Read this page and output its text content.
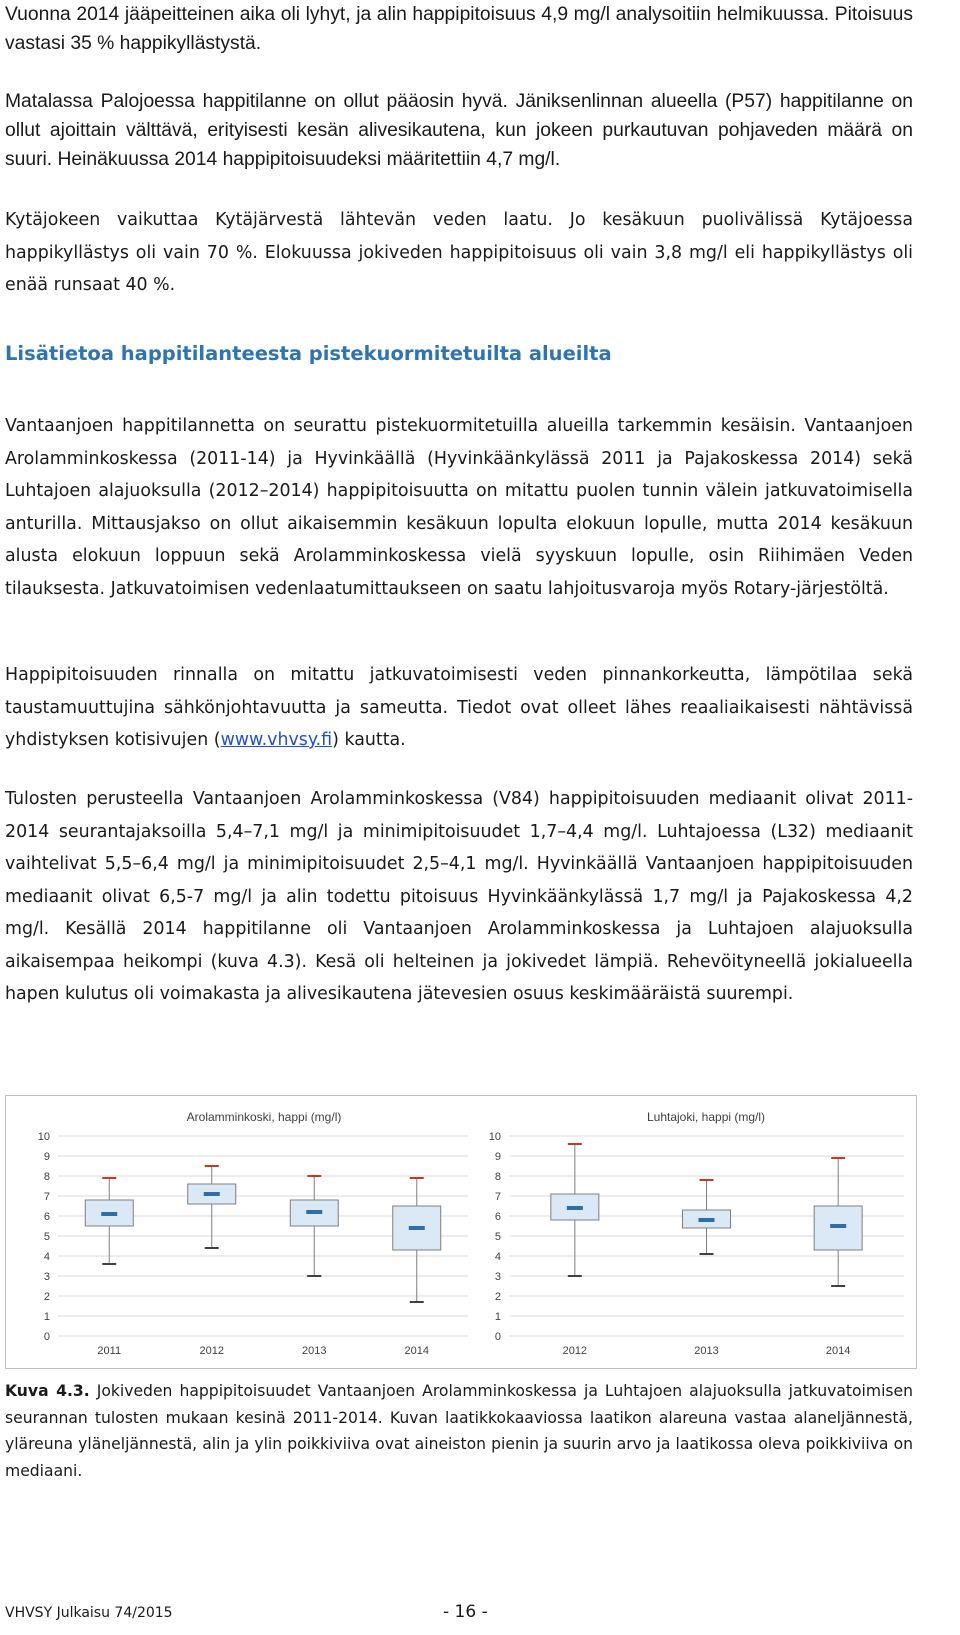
Vuonna 2014 jääpeitteinen aika oli lyhyt, ja alin happipitoisuus 4,9 mg/l analysoitiin helmikuussa. Pitoisuus vastasi 35 % happikyllästystä.

Matalassa Palojoessa happitilanne on ollut pääosin hyvä. Jäniksenlinnan alueella (P57) happitilanne on ollut ajoittain välttävä, erityisesti kesän alivesikautena, kun jokeen purkautuvan pohjaveden määrä on suuri. Heinäkuussa 2014 happipitoisuudeksi määritettiin 4,7 mg/l.

Kytäjokeen vaikuttaa Kytäjärvestä lähtevän veden laatu. Jo kesäkuun puolivälissä Kytäjoessa happikyllästys oli vain 70 %. Elokuussa jokiveden happipitoisuus oli vain 3,8 mg/l eli happikyllästys oli enää runsaat 40 %.

Lisätietoa happitilanteesta pistekuormitetuilta alueilta

Vantaanjoen happitilannetta on seurattu pistekuormitetuilla alueilla tarkemmin kesäisin. Vantaanjoen Arolamminkoskessa (2011-14) ja Hyvinkäällä (Hyvinkäänkylässä 2011 ja Pajakoskessa 2014) sekä Luhtajoen alajuoksulla (2012–2014) happipitoisuutta on mitattu puolen tunnin välein jatkuvatoimisella anturilla. Mittausjakso on ollut aikaisemmin kesäkuun lopulta elokuun lopulle, mutta 2014 kesäkuun alusta elokuun loppuun sekä Arolamminkoskessa vielä syyskuun lopulle, osin Riihimäen Veden tilauksesta. Jatkuvatoimisen vedenlaatumittaukseen on saatu lahjoitusvaroja myös Rotary-järjestöltä.

Happipitoisuuden rinnalla on mitattu jatkuvatoimisesti veden pinnankorkeutta, lämpötilaa sekä taustamuuttujina sähkönjohtavuutta ja sameutta. Tiedot ovat olleet lähes reaaliaikaisesti nähtävissä yhdistyksen kotisivujen (www.vhvsy.fi) kautta.

Tulosten perusteella Vantaanjoen Arolamminkoskessa (V84) happipitoisuuden mediaanit olivat 2011-2014 seurantajaksoilla 5,4–7,1 mg/l ja minimipitoisuudet 1,7–4,4 mg/l. Luhtajoessa (L32) mediaanit vaihtelivat 5,5–6,4 mg/l ja minimipitoisuudet 2,5–4,1 mg/l. Hyvinkäällä Vantaanjoen happipitoisuuden mediaanit olivat 6,5-7 mg/l ja alin todettu pitoisuus Hyvinkäänkylässä 1,7 mg/l ja Pajakoskessa 4,2 mg/l. Kesällä 2014 happitilanne oli Vantaanjoen Arolamminkoskessa ja Luhtajoen alajuoksulla aikaisempaa heikompi (kuva 4.3). Kesä oli helteinen ja jokivedet lämpiä. Rehevöityneellä jokialueella hapen kulutus oli voimakasta ja alivesikautena jätevesien osuus keskimääräistä suurempi.

0
1
2
3
4
5
6
7
8
9
10
Arolamminkoski, happi (mg/l)
2011	2012	2013	2014
0
1
2
3
4
5
6
7
8
9
10
Luhtajoki, happi (mg/l)
2012	2013	2014

Kuva 4.3. Jokiveden happipitoisuudet Vantaanjoen Arolamminkoskessa ja Luhtajoen alajuoksulla jatkuvatoimisen seurannan tulosten mukaan kesinä 2011-2014. Kuvan laatikkokaaviossa laatikon alareuna vastaa alaneljännestä, yläreuna yläneljännestä, alin ja ylin poikkiviiva ovat aineiston pienin ja suurin arvo ja laatikossa oleva poikkiviiva on mediaani.

VHVSY Julkaisu 74/2015	- 16 -
